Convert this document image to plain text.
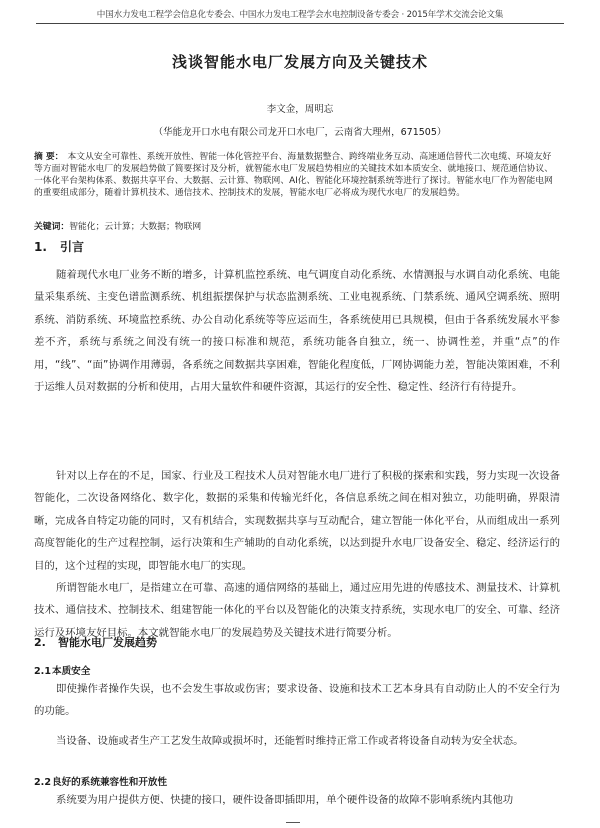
中国水力发电工程学会信息化专委会、中国水力发电工程学会水电控制设备专委会 · 2015年学术交流会论文集
浅谈智能水电厂发展方向及关键技术
李文金，周明忘
（华能龙开口水电有限公司龙开口水电厂，云南省大理州，671505）
摘 要： 本文从安全可靠性、系统开放性、智能一体化管控平台、海量数据整合、跨终端业务互动、高速通信替代二次电缆、环境友好等方面对智能水电厂的发展趋势做了简要探讨及分析，就智能水电厂发展趋势相应的关键技术如本质安全、就地接口、规范通信协议、一体化平台架构体系、数据共享平台、大数据、云计算、物联网、AI化、智能化环境控制系统等进行了探讨。智能水电厂作为智能电网的重要组成部分，随着计算机技术、通信技术、控制技术的发展，智能水电厂必将成为现代水电厂的发展趋势。
关键词：智能化；云计算；大数据；物联网
1. 引言
随着现代水电厂业务不断的增多，计算机监控系统、电气调度自动化系统、水情测报与水调自动化系统、电能量采集系统、主变色谱监测系统、机组振摆保护与状态监测系统、工业电视系统、门禁系统、通风空调系统、照明系统、消防系统、环境监控系统、办公自动化系统等等应运而生，各系统使用已具规模，但由于各系统发展水平参差不齐，系统与系统之间没有统一的接口标准和规范，系统功能各自独立，统一、协调性差，并重“点”的作用，“线”、“面”协调作用薄弱，各系统之间数据共享困难，智能化程度低，厂网协调能力差，智能决策困难，不利于运维人员对数据的分析和使用，占用大量软件和硬件资源，其运行的安全性、稳定性、经济行有待提升。
针对以上存在的不足，国家、行业及工程技术人员对智能水电厂进行了积极的探索和实践，努力实现一次设备智能化，二次设备网络化、数字化，数据的采集和传输光纤化，各信息系统之间在相对独立，功能明确，界限清晰，完成各自特定功能的同时，又有机结合，实现数据共享与互动配合，建立智能一体化平台，从而组成出一系列高度智能化的生产过程控制，运行决策和生产辅助的自动化系统，以达到提升水电厂设备安全、稳定、经济运行的目的，这个过程的实现，即智能水电厂的实现。
所谓智能水电厂，是指建立在可靠、高速的通信网络的基础上，通过应用先进的传感技术、测量技术、计算机技术、通信技术、控制技术、组建智能一体化的平台以及智能化的决策支持系统，实现水电厂的安全、可靠、经济运行及环境友好目标。本文就智能水电厂的发展趋势及关键技术进行简要分析。
2. 智能水电厂发展趋势
2.1本质安全
即使操作者操作失误，也不会发生事故或伤害；要求设备、设施和技术工艺本身具有自动防止人的不安全行为的功能。
当设备、设施或者生产工艺发生故障或损坏时，还能暂时维持正常工作或者将设备自动转为安全状态。
2.2良好的系统兼容性和开放性
系统要为用户提供方便、快捷的接口，硬件设备即插即用，单个硬件设备的故障不影响系统内其他功
